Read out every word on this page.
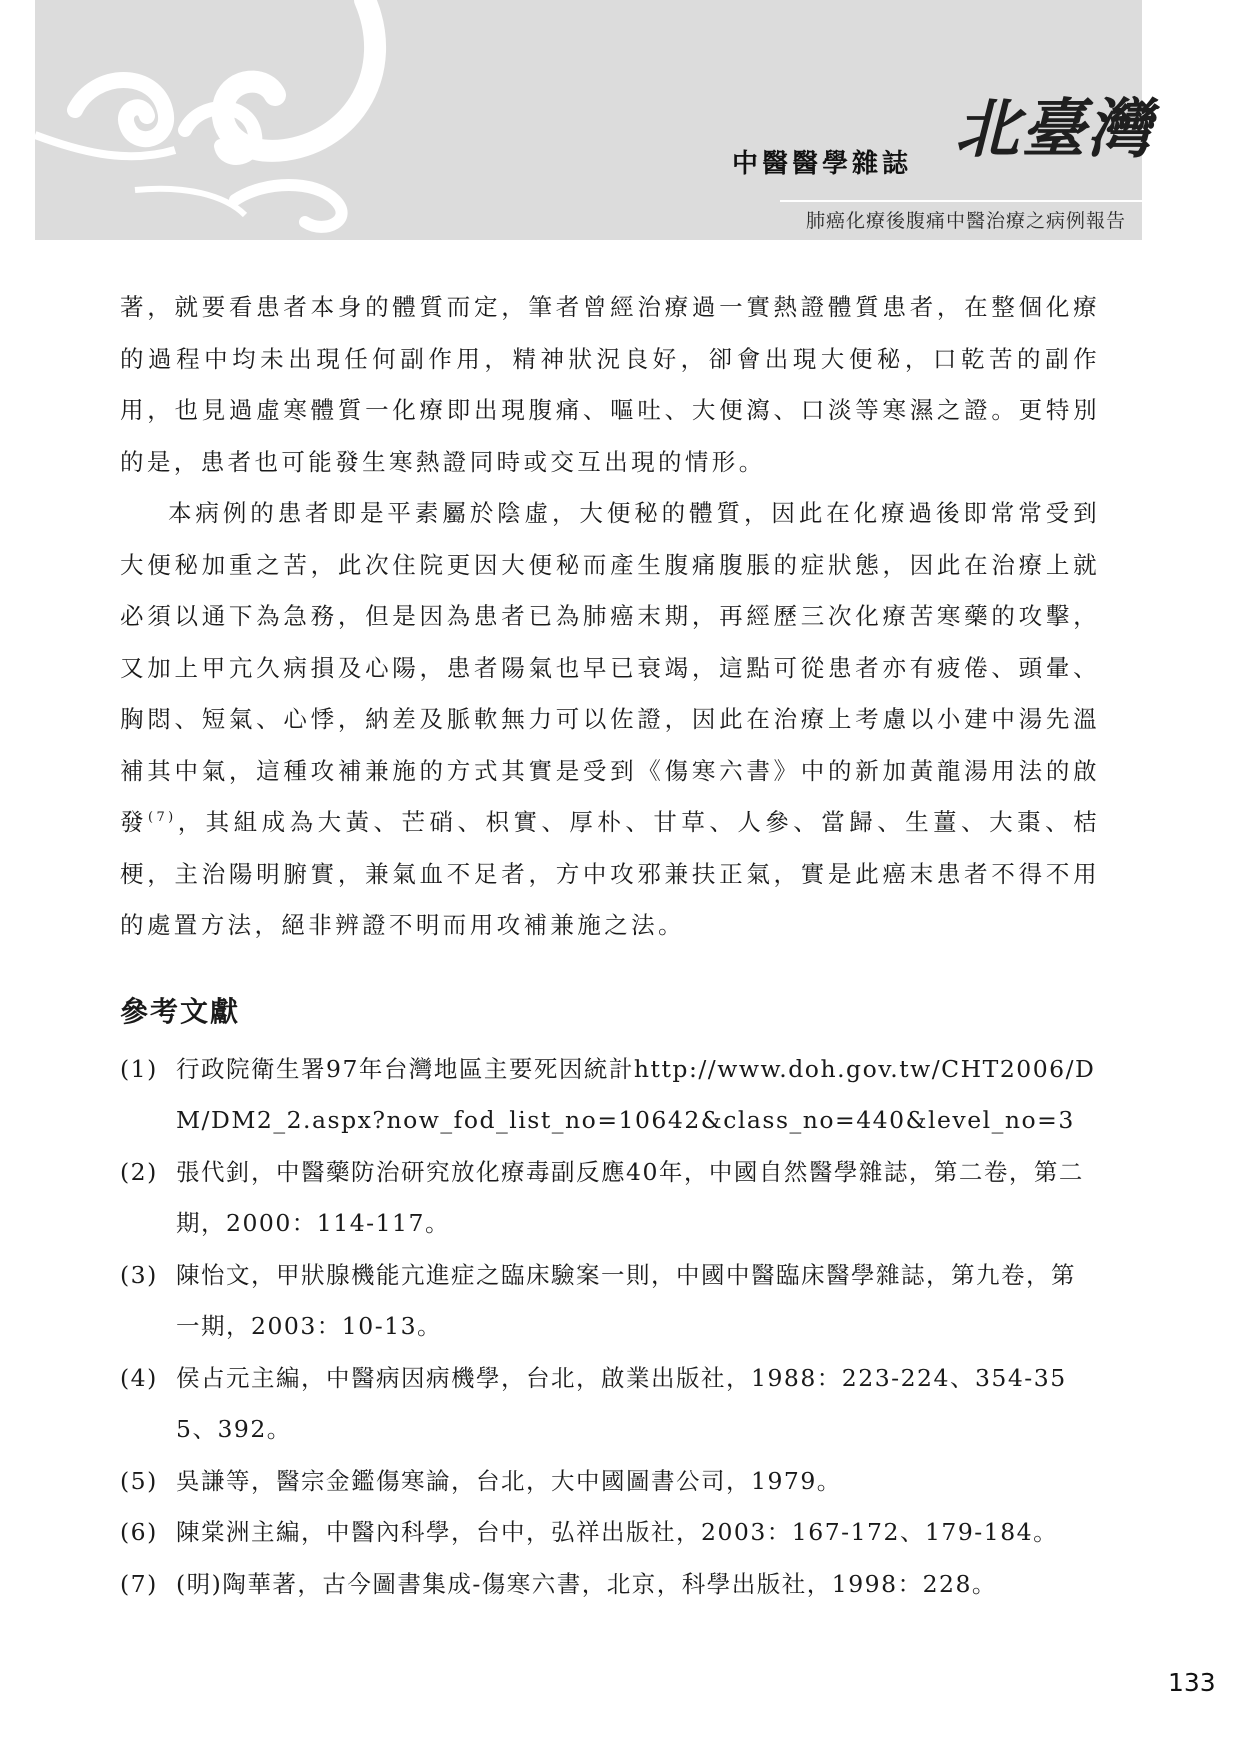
中醫醫學雜誌 北臺灣
肺癌化療後腹痛中醫治療之病例報告

著，就要看患者本身的體質而定，筆者曾經治療過一實熱證體質患者，在整個化療的過程中均未出現任何副作用，精神狀況良好，卻會出現大便秘，口乾苦的副作用，也見過虛寒體質一化療即出現腹痛、嘔吐、大便瀉、口淡等寒濕之證。更特別的是，患者也可能發生寒熱證同時或交互出現的情形。

本病例的患者即是平素屬於陰虛，大便秘的體質，因此在化療過後即常常受到大便秘加重之苦，此次住院更因大便秘而產生腹痛腹脹的症狀態，因此在治療上就必須以通下為急務，但是因為患者已為肺癌末期，再經歷三次化療苦寒藥的攻擊，又加上甲亢久病損及心陽，患者陽氣也早已衰竭，這點可從患者亦有疲倦、頭暈、胸悶、短氣、心悸，納差及脈軟無力可以佐證，因此在治療上考慮以小建中湯先溫補其中氣，這種攻補兼施的方式其實是受到《傷寒六書》中的新加黃龍湯用法的啟發$^{(7)}$，其組成為大黃、芒硝、枳實、厚朴、甘草、人參、當歸、生薑、大棗、桔梗，主治陽明腑實，兼氣血不足者，方中攻邪兼扶正氣，實是此癌末患者不得不用的處置方法，絕非辨證不明而用攻補兼施之法。

參考文獻
(1) 行政院衛生署97年台灣地區主要死因統計http://www.doh.gov.tw/CHT2006/DM/DM2_2.aspx?now_fod_list_no=10642&class_no=440&level_no=3
(2) 張代釗，中醫藥防治研究放化療毒副反應40年，中國自然醫學雜誌，第二卷，第二期，2000：114-117。
(3) 陳怡文，甲狀腺機能亢進症之臨床驗案一則，中國中醫臨床醫學雜誌，第九卷，第一期，2003：10-13。
(4) 侯占元主編，中醫病因病機學，台北，啟業出版社，1988：223-224、354-355、392。
(5) 吳謙等，醫宗金鑑傷寒論，台北，大中國圖書公司，1979。
(6) 陳棠洲主編，中醫內科學，台中，弘祥出版社，2003：167-172、179-184。
(7) (明)陶華著，古今圖書集成-傷寒六書，北京，科學出版社，1998：228。
133
